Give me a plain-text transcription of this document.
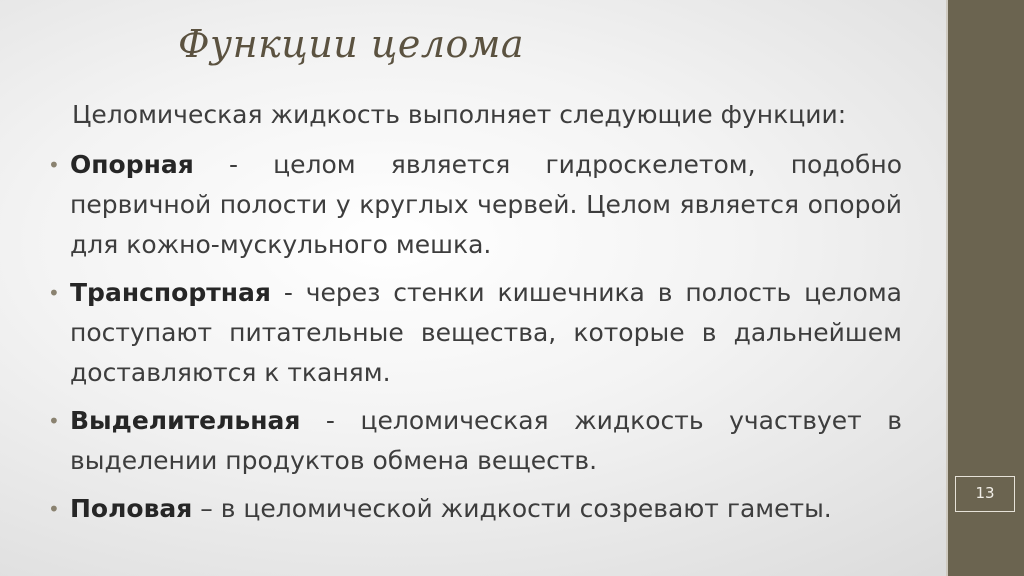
Функции целома
Целомическая жидкость выполняет следующие функции:
• Опорная - целом является гидроскелетом, подобно первичной полости у круглых червей. Целом является опорой для кожно-мускульного мешка.
• Транспортная - через стенки кишечника в полость целома поступают питательные вещества, которые в дальнейшем доставляются к тканям.
• Выделительная - целомическая жидкость участвует в выделении продуктов обмена веществ.
• Половая – в целомической жидкости созревают гаметы.
13
